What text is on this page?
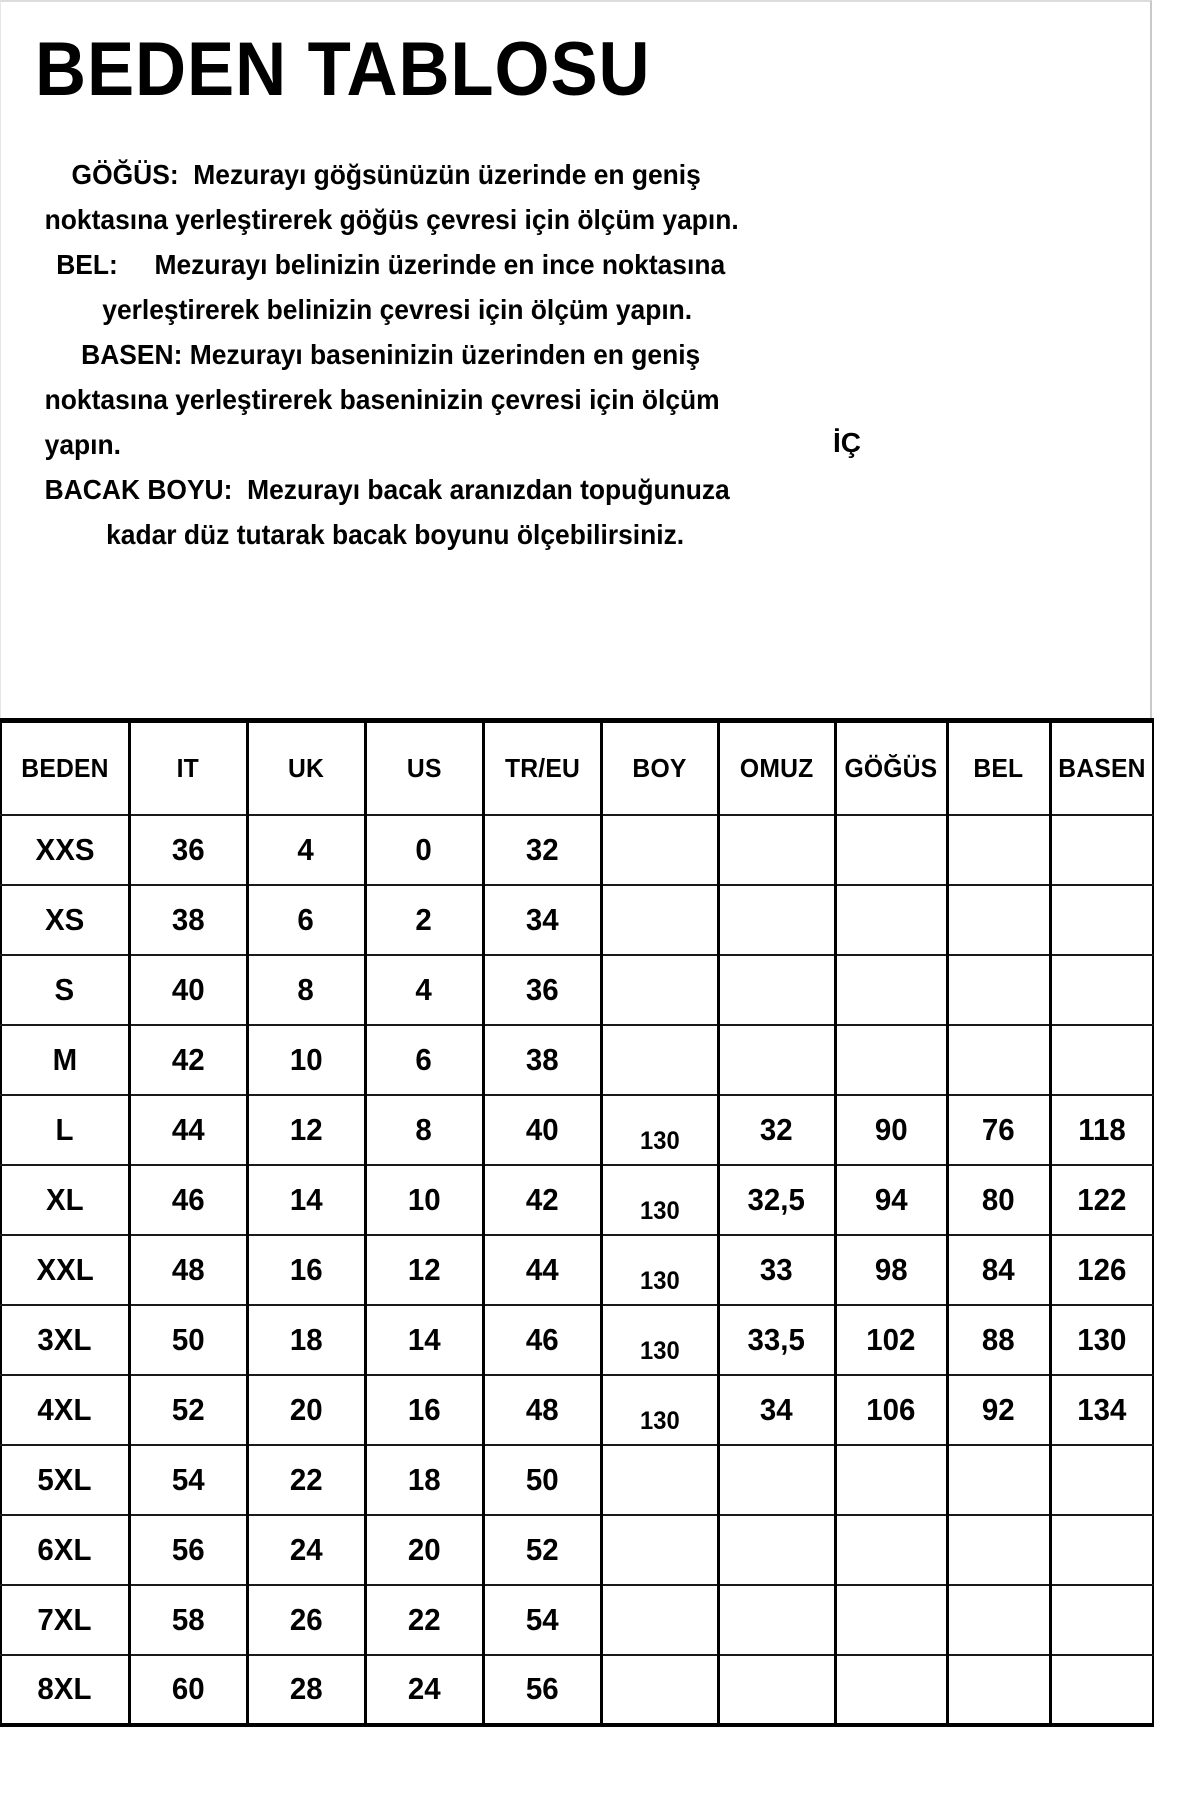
BEDEN TABLOSU
GÖĞÜS:  Mezurayı göğsünüzün üzerinde en geniş
noktasına yerleştirerek göğüs çevresi için ölçüm yapın.
BEL:     Mezurayı belinizin üzerinde en ince noktasına
yerleştirerek belinizin çevresi için ölçüm yapın.
BASEN: Mezurayı baseninizin üzerinden en geniş
noktasına yerleştirerek baseninizin çevresi için ölçüm
yapın.
BACAK BOYU:  Mezurayı bacak aranızdan topuğunuza
kadar düz tutarak bacak boyunu ölçebilirsiniz.
İÇ
BEDEN	IT	UK	US	TR/EU	BOY	OMUZ	GÖĞÜS	BEL	BASEN
XXS	36	4	0	32					
XS	38	6	2	34					
S	40	8	4	36					
M	42	10	6	38					
L	44	12	8	40	130	32	90	76	118
XL	46	14	10	42	130	32,5	94	80	122
XXL	48	16	12	44	130	33	98	84	126
3XL	50	18	14	46	130	33,5	102	88	130
4XL	52	20	16	48	130	34	106	92	134
5XL	54	22	18	50					
6XL	56	24	20	52					
7XL	58	26	22	54					
8XL	60	28	24	56					
